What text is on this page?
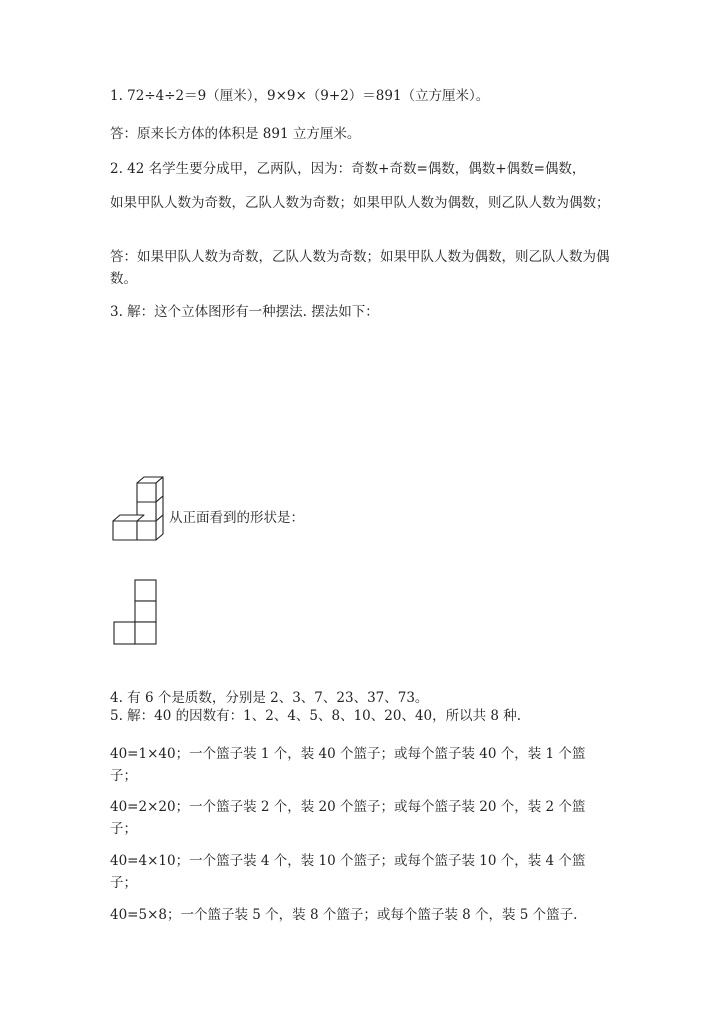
1. 72÷4÷2＝9（厘米），9×9×（9+2）＝891（立方厘米）。
答：原来长方体的体积是 891 立方厘米。
2. 42 名学生要分成甲，乙两队，因为：奇数+奇数=偶数，偶数+偶数=偶数，
如果甲队人数为奇数，乙队人数为奇数；如果甲队人数为偶数，则乙队人数为偶数；
答：如果甲队人数为奇数，乙队人数为奇数；如果甲队人数为偶数，则乙队人数为偶数。
3. 解：这个立体图形有一种摆法. 摆法如下：
从正面看到的形状是：
4. 有 6 个是质数，分别是 2、3、7、23、37、73。
5. 解：40 的因数有：1、2、4、5、8、10、20、40，所以共 8 种.
40=1×40；一个篮子装 1 个，装 40 个篮子；或每个篮子装 40 个，装 1 个篮子；
40=2×20；一个篮子装 2 个，装 20 个篮子；或每个篮子装 20 个，装 2 个篮子；
40=4×10；一个篮子装 4 个，装 10 个篮子；或每个篮子装 10 个，装 4 个篮子；
40=5×8；一个篮子装 5 个，装 8 个篮子；或每个篮子装 8 个，装 5 个篮子.
